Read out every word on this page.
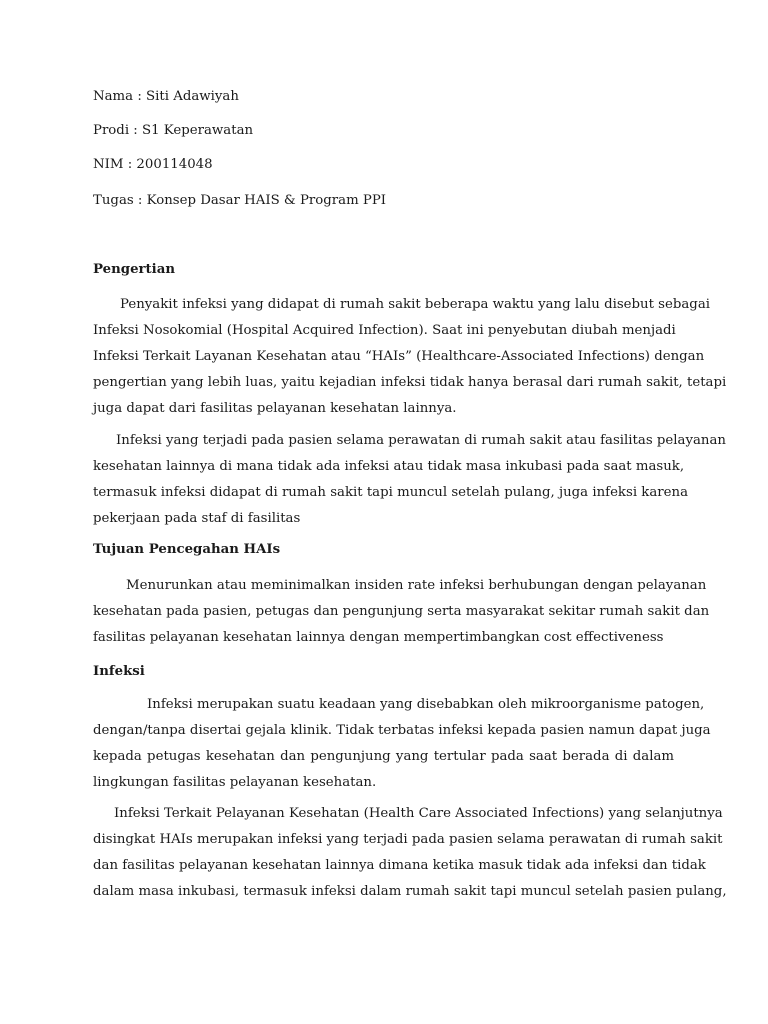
Nama : Siti Adawiyah
Prodi : S1 Keperawatan
NIM : 200114048
Tugas : Konsep Dasar HAIS & Program PPI
Pengertian
Penyakit infeksi yang didapat di rumah sakit beberapa waktu yang lalu disebut sebagai
Infeksi Nosokomial (Hospital Acquired Infection). Saat ini penyebutan diubah menjadi
Infeksi Terkait Layanan Kesehatan atau “HAIs” (Healthcare-Associated Infections) dengan
pengertian yang lebih luas, yaitu kejadian infeksi tidak hanya berasal dari rumah sakit, tetapi
juga dapat dari fasilitas pelayanan kesehatan lainnya.
Infeksi yang terjadi pada pasien selama perawatan di rumah sakit atau fasilitas pelayanan
kesehatan lainnya di mana tidak ada infeksi atau tidak masa inkubasi pada saat masuk,
termasuk infeksi didapat di rumah sakit tapi muncul setelah pulang, juga infeksi karena
pekerjaan pada staf di fasilitas
Tujuan Pencegahan HAIs
Menurunkan atau meminimalkan insiden rate infeksi berhubungan dengan pelayanan
kesehatan pada pasien, petugas dan pengunjung serta masyarakat sekitar rumah sakit dan
fasilitas pelayanan kesehatan lainnya dengan mempertimbangkan cost effectiveness
Infeksi
Infeksi merupakan suatu keadaan yang disebabkan oleh mikroorganisme patogen,
dengan/tanpa disertai gejala klinik. Tidak terbatas infeksi kepada pasien namun dapat juga
kepada petugas kesehatan dan pengunjung yang tertular pada saat berada di dalam
lingkungan fasilitas pelayanan kesehatan.
Infeksi Terkait Pelayanan Kesehatan (Health Care Associated Infections) yang selanjutnya
disingkat HAIs merupakan infeksi yang terjadi pada pasien selama perawatan di rumah sakit
dan fasilitas pelayanan kesehatan lainnya dimana ketika masuk tidak ada infeksi dan tidak
dalam masa inkubasi, termasuk infeksi dalam rumah sakit tapi muncul setelah pasien pulang,
